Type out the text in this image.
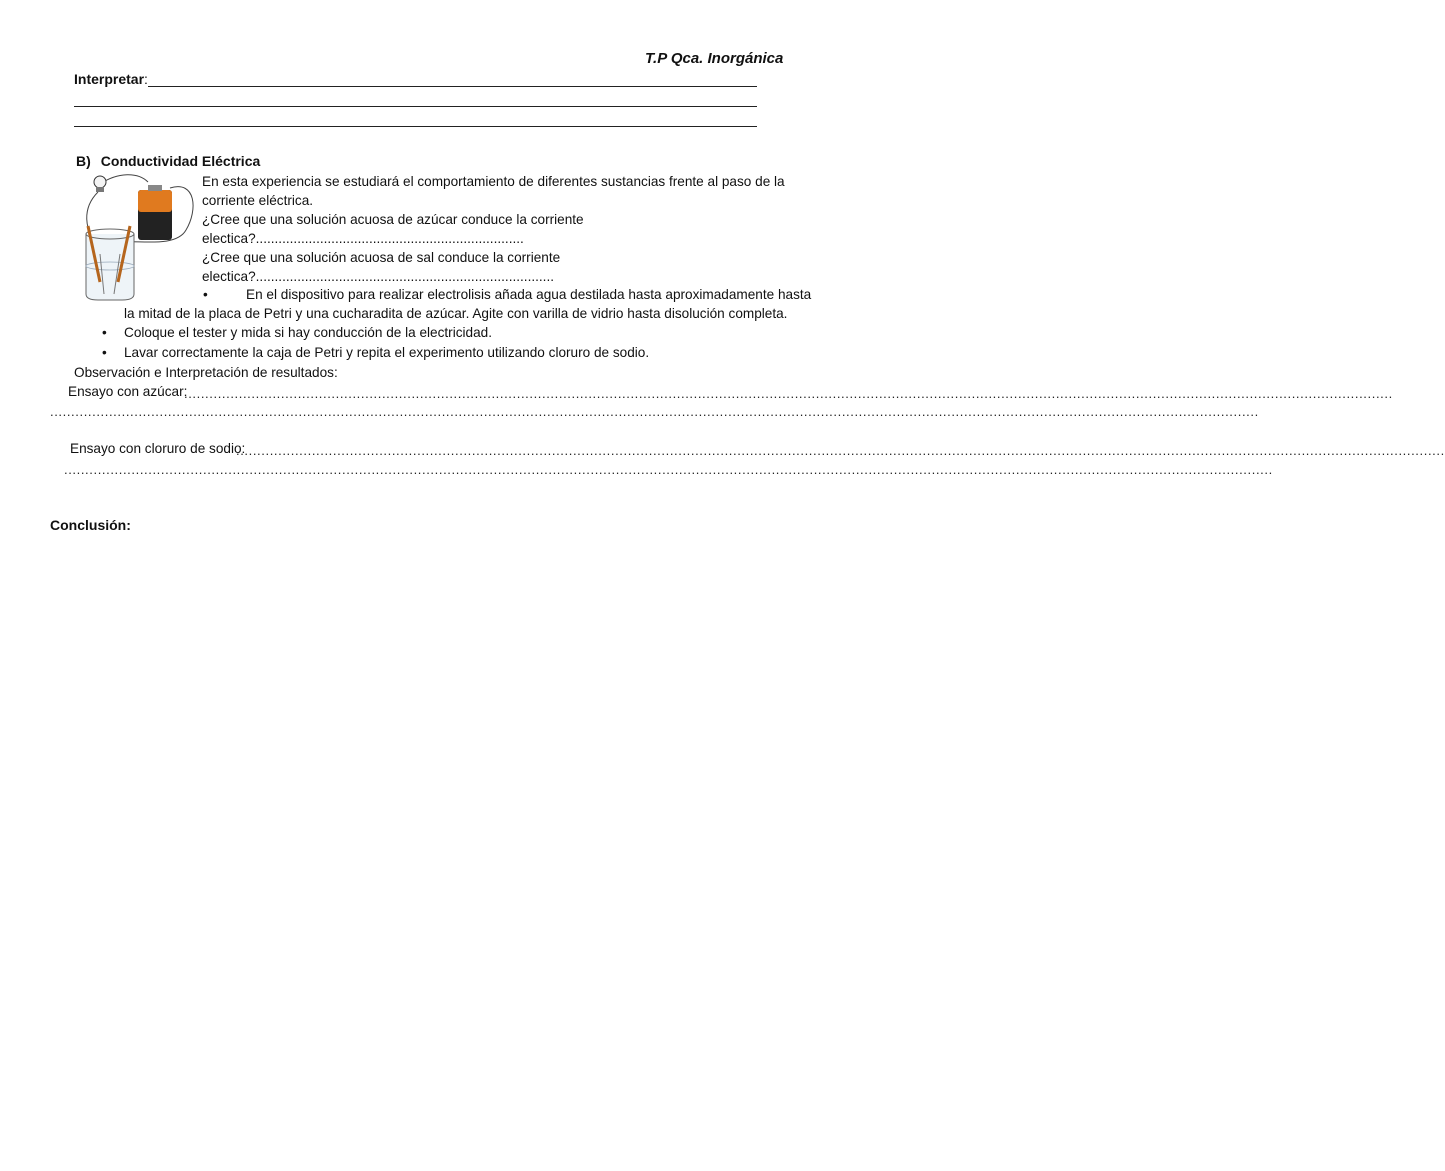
T.P Qca. Inorgánica
Interpretar:
B) Conductividad Eléctrica
En esta experiencia se estudiará el comportamiento de diferentes sustancias frente al paso de la
corriente eléctrica.
¿Cree que una solución acuosa de azúcar conduce la corriente
electica?.......................................................................
¿Cree que una solución acuosa de sal conduce la corriente
electica?...............................................................................
•	En el dispositivo para realizar electrolisis añada agua destilada hasta aproximadamente hasta
la mitad de la placa de Petri y una cucharadita de azúcar. Agite con varilla de vidrio hasta disolución completa.
• Coloque el tester y mida si hay conducción de la electricidad.
• Lavar correctamente la caja de Petri y repita el experimento utilizando cloruro de sodio.
Observación e Interpretación de resultados:
Ensayo con azúcar:
...............................................................................................................................................................................................................................................................................................
...............................................................................................................................................................................................................................................................................................
Ensayo con cloruro de sodio:
...............................................................................................................................................................................................................................................................................................
...............................................................................................................................................................................................................................................................................................
Conclusión:
